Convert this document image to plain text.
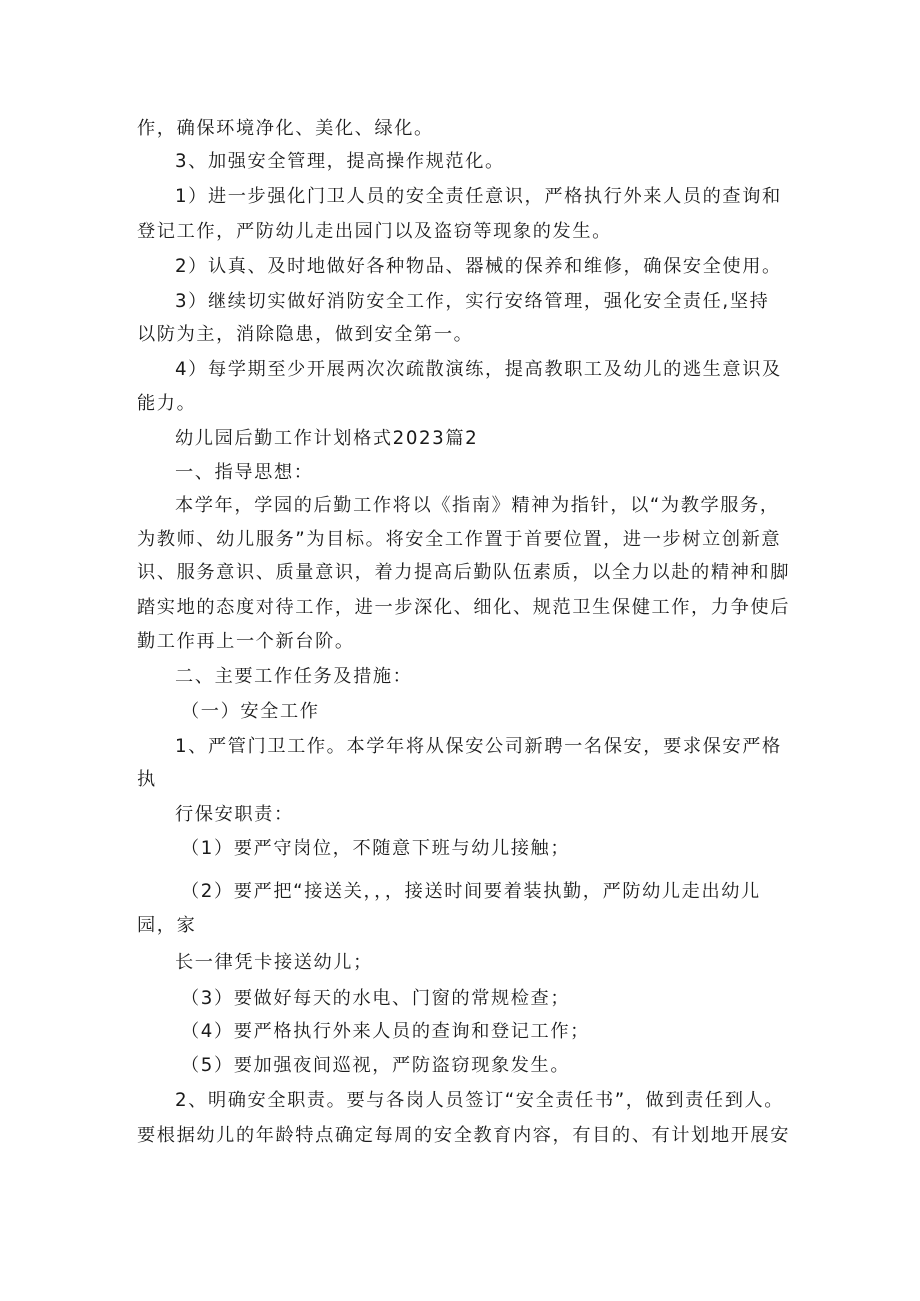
作，确保环境净化、美化、绿化。
3、加强安全管理，提高操作规范化。
1）进一步强化门卫人员的安全责任意识，严格执行外来人员的查询和
登记工作，严防幼儿走出园门以及盗窃等现象的发生。
2）认真、及时地做好各种物品、器械的保养和维修，确保安全使用。
3）继续切实做好消防安全工作，实行安络管理，强化安全责任,坚持
以防为主，消除隐患，做到安全第一。
4）每学期至少开展两次次疏散演练，提高教职工及幼儿的逃生意识及
能力。
幼儿园后勤工作计划格式2023篇2
一、指导思想：
本学年，学园的后勤工作将以《指南》精神为指针，以“为教学服务，
为教师、幼儿服务”为目标。将安全工作置于首要位置，进一步树立创新意
识、服务意识、质量意识，着力提高后勤队伍素质，以全力以赴的精神和脚
踏实地的态度对待工作，进一步深化、细化、规范卫生保健工作，力争使后
勤工作再上一个新台阶。
二、主要工作任务及措施：
（一）安全工作
1、严管门卫工作。本学年将从保安公司新聘一名保安，要求保安严格
执
行保安职责：
（1）要严守岗位，不随意下班与幼儿接触；
（2）要严把“接送关，，，接送时间要着装执勤，严防幼儿走出幼儿
园，家
长一律凭卡接送幼儿；
（3）要做好每天的水电、门窗的常规检查；
（4）要严格执行外来人员的查询和登记工作；
（5）要加强夜间巡视，严防盗窃现象发生。
2、明确安全职责。要与各岗人员签订“安全责任书”，做到责任到人。
要根据幼儿的年龄特点确定每周的安全教育内容，有目的、有计划地开展安
